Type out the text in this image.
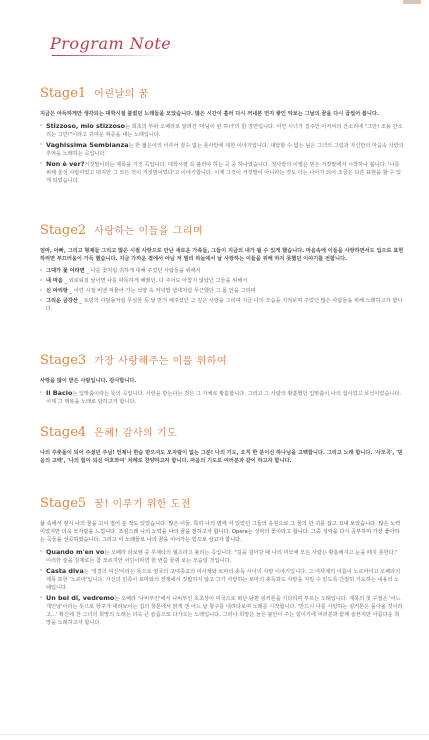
Program Note
Stage1 어린날의 꿈
지금은 아득하게만 생각되는 대학시절 불렀던 노래들을 모았습니다. 많은 시간이 흘러 다시 꺼내본 먼지 쌓인 악보는 그날의 꿈을 다시 곱씹어 봅니다.
· Stizzoso, mio stizzoso는 희초의 부파 오페라로 알려진 '마님이 된 하녀'의 한 장면입니다. 어린 시녀가 집주인 아저씨의 잔소리에 "그만! 조용 잔소리는 그만!"이라고 귀여운 짜증을 내는 노래입니다.
· Vaghissima Sembianza는 한 젊은이의 이루어 질수 없는 풋사랑에 대한 이야기입니다. 대답할 수 없는 님은 그녀의 그림과 자신만의 마음속 사랑의 추억을 노래하는 곡입니다.
· Non è ver?거짓말이라는 제목을 가진 곡입니다. 대학시절 꼭 불러야 하는 곡 중 하나였습니다. 첫사랑의 이별은 믿은 거짓말에서 시작하나 봅니다. '나를 위해 울성 사람이었고 떠지만 그 모든 것이 거짓말이었다'고 이야기합니다. 이제 그것이 거짓말이 아니라는 것도 아는 나이가 되어 조금은 다른 표현을 할 수 있게 되었습니다.
Stage2 사랑하는 이들을 그리며
엄마, 아빠, 그리고 형제들 그리고 많은 시절 사랑으로 만난 새로운 가족들, 그들이 지금의 내가 될 수 있게 했습니다. 마음속에 이들을 사랑하면서도 입으로 표현하려면 부끄러움이 가득 했습니다. 지금 가까운 곁에서 아님 저 멀리 하늘에서 날 사랑하는 이들을 위해 하지 못했던 이야기를 전합니다.
· 그대가 꽃 이라면 _ 나를 꽃처럼 귀하게 대해 주었던 사람들을 위해서
· 내 마음 _ 외로워질 날이면 나를 따뜻하게 해줬던, 다 주어도 아깝지 않았던 그들을 위해서
· 신 아리랑 _ 어린 시절 비엔 저물어 가는 석양 속 저녁밥 냄새처럼 푸근했던 그 몸 안을 그리며
· 그리운 금강산 _ 토방의 디딤돌처럼 무심한 듯 날 반겨 해주셨던 그 깊은 사랑을 그리며 지금 나의 모습을 지켜보며 주었던 많은 사람들을 위해 노래하고자 합니다.
Stage3 가장 사랑해주는 이를 위하여
사랑을 많이 받은 사람입니다. 감사합니다.
· Il Bacio는 입맞춤이라는 뜻의 곡입니다. 사랑을 받는다는 것은 그 자체로 황홀합니다. 그리고 그 사람의 황홀했던 입맞춤이 나의 힘이었고 보석이었습니다. 이제 그 행복을 노래로 담하고자 합니다.
Stage4 은혜! 감사의 기도
나의 주춧돌이 되어 주셨던 주님! 언제나 한숨 받으셔도 모자람이 없는 그분! 나의 기도, 오직 한 분이신 하나님을 고백합니다. 그리고 노래 합니다. '사모곡', '믿음의 고백', '나의 힘이 되신 여호와여' 차례로 찬양하고자 합니다. 마음의 기도로 여러분과 같이 하고자 합니다.
Stage5 꿈! 이루기 위한 도전
삶 속에서 잠시 나의 꿈을 고이 접어 둔 적도 있었습니다. 많은 이들, 특히 나의 옆에 서 있었던 그들의 응원으로 그 꿈의 한 귀를 잡고 끄내 보았습니다. 많은 노력이었지만 더욱 모자람을 느낍니다. 조심스레 나의 노력을 나의 꿈을 전하고자 합니다. Opera는 성악의 꽃이라고 합니다. 그중 성악을 다시 공부하며 가장 좋아하는 곡들을 선곡하였습니다. 그리고 이 노래들로 나의 꿈을 이어가는 힘으로 삼고자 합니다.
· Quando m'en vo는 오페라 라보엠 중 무제타의 월츠라고 불리는 곡입니다. "길을 걸어갈 때 나의 미모에 모든 사람은 황홀해지고 눈을 떼지 못한다." 이러한 술을 실제로는 참 모르지만 어딘이라면 한 번쯤 꿈꿔 보는 모습일 것입니다.
· Casta diva는 '정결의 여신'이라는 뜻으로 영국의 고대종교의 여사제와 로마의 총독 사이의 사랑 이야기입니다. 그 여사제의 이름이 노르마이고 오페라의 제목 또한 '노르마'입니다. 자신의 민족이 로마와의 전쟁에서 짓밟히지 않고 그가 사랑하는 로마의 총독과도 사랑을 지킬 수 있도록 간절히 기도하는 내용의 노래입니다.
· Un bel di, vedremo는 오페라 '나비부인'에서 나비부인 초초상이 미국으로 떠난 남편 핑커톤을 기다리며 부르는 노래입니다. 제목의 첫 구절은 '어느 개인날'이라는 뜻으로 항구가 내려보이는 집의 창문에서 맑게 갠 어느 날 항구를 내려다보며 노래를 시작합니다. '반드시 나를 사랑하는 핑커톤은 돌아올 것이라고...' 확신에 찬 그녀의 희망의 노래는 더욱 큰 슬픔으로 다가오는 노래입니다. 그러나 희망은 늘은 불안이 주는 힘이기에 여러분과 함께 슬픈지만 아름다운 희망을 노래하고자 합니다.
